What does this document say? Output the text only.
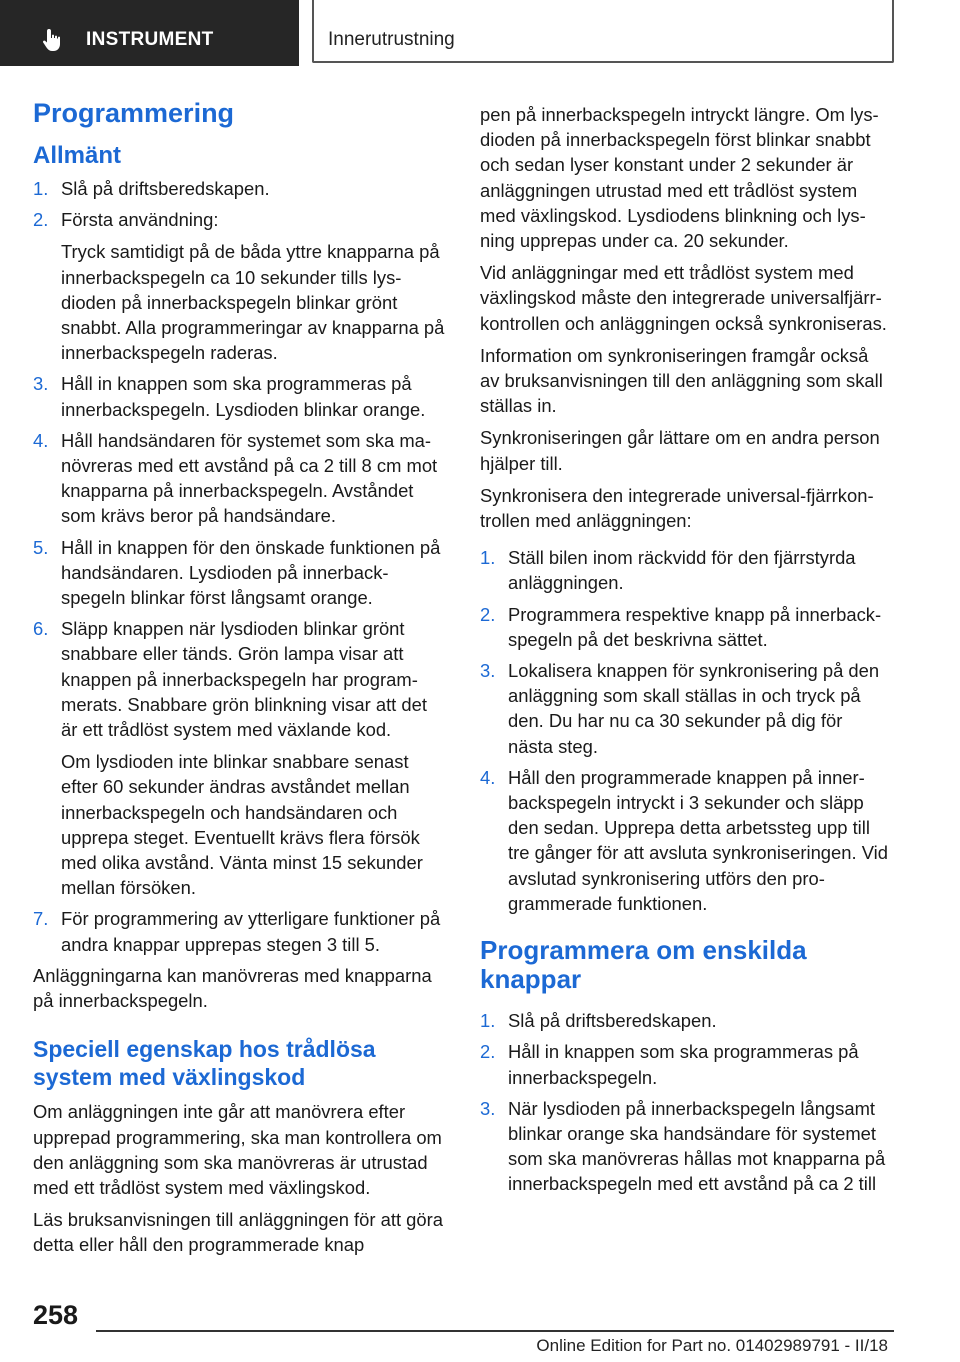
INSTRUMENT	Innerutrustning
Programmering
Allmänt
1. Slå på driftsberedskapen.

2. Första användning:

Tryck samtidigt på de båda yttre knapparna på innerbackspegeln ca 10 sekunder tills lysdioden på innerbackspegeln blinkar grönt snabbt. Alla programmeringar av knapparna på innerbackspegeln raderas.

3. Håll in knappen som ska programmeras på innerbackspegeln. Lysdioden blinkar orange.

4. Håll handsändaren för systemet som ska manövreras med ett avstånd på ca 2 till 8 cm mot knapparna på innerbackspegeln. Avståndet som krävs beror på handsändare.

5. Håll in knappen för den önskade funktionen på handsändaren. Lysdioden på innerbackspegeln blinkar först långsamt orange.

6. Släpp knappen när lysdioden blinkar grönt snabbare eller tänds. Grön lampa visar att knappen på innerbackspegeln har programmerats. Snabbare grön blinkning visar att det är ett trådlöst system med växlande kod.

Om lysdioden inte blinkar snabbare senast efter 60 sekunder ändras avståndet mellan innerbackspegeln och handsändaren och upprepa steget. Eventuellt krävs flera försök med olika avstånd. Vänta minst 15 sekunder mellan försöken.

7. För programmering av ytterligare funktioner på andra knappar upprepas stegen 3 till 5.

Anläggningarna kan manövreras med knapparna på innerbackspegeln.

Speciell egenskap hos trådlösa system med växlingskod

Om anläggningen inte går att manövrera efter upprepad programmering, ska man kontrollera om den anläggning som ska manövreras är utrustad med ett trådlöst system med växlingskod.

Läs bruksanvisningen till anläggningen för att göra detta eller håll den programmerade knap

pen på innerbackspegeln intryckt längre. Om lysdioden på innerbackspegeln först blinkar snabbt och sedan lyser konstant under 2 sekunder är anläggningen utrustad med ett trådlöst system med växlingskod. Lysdiodens blinkning och lysning upprepas under ca. 20 sekunder.

Vid anläggningar med ett trådlöst system med växlingskod måste den integrerade universalfjärrkontrollen och anläggningen också synkroniseras.

Information om synkroniseringen framgår också av bruksanvisningen till den anläggning som skall ställas in.

Synkroniseringen går lättare om en andra person hjälper till.

Synkronisera den integrerade universal-fjärrkontrollen med anläggningen:

1. Ställ bilen inom räckvidd för den fjärrstyrda anläggningen.

2. Programmera respektive knapp på innerbackspegeln på det beskrivna sättet.

3. Lokalisera knappen för synkronisering på den anläggning som skall ställas in och tryck på den. Du har nu ca 30 sekunder på dig för nästa steg.

4. Håll den programmerade knappen på innerbackspegeln intryckt i 3 sekunder och släpp den sedan. Upprepa detta arbetssteg upp till tre gånger för att avsluta synkroniseringen. Vid avslutad synkronisering utförs den programmerade funktionen.

Programmera om enskilda knappar
1. Slå på driftsberedskapen.

2. Håll in knappen som ska programmeras på innerbackspegeln.

3. När lysdioden på innerbackspegeln långsamt blinkar orange ska handsändare för systemet som ska manövreras hållas mot knapparna på innerbackspegeln med ett avstånd på ca 2 till

258
Online Edition for Part no. 01402989791 - II/18
